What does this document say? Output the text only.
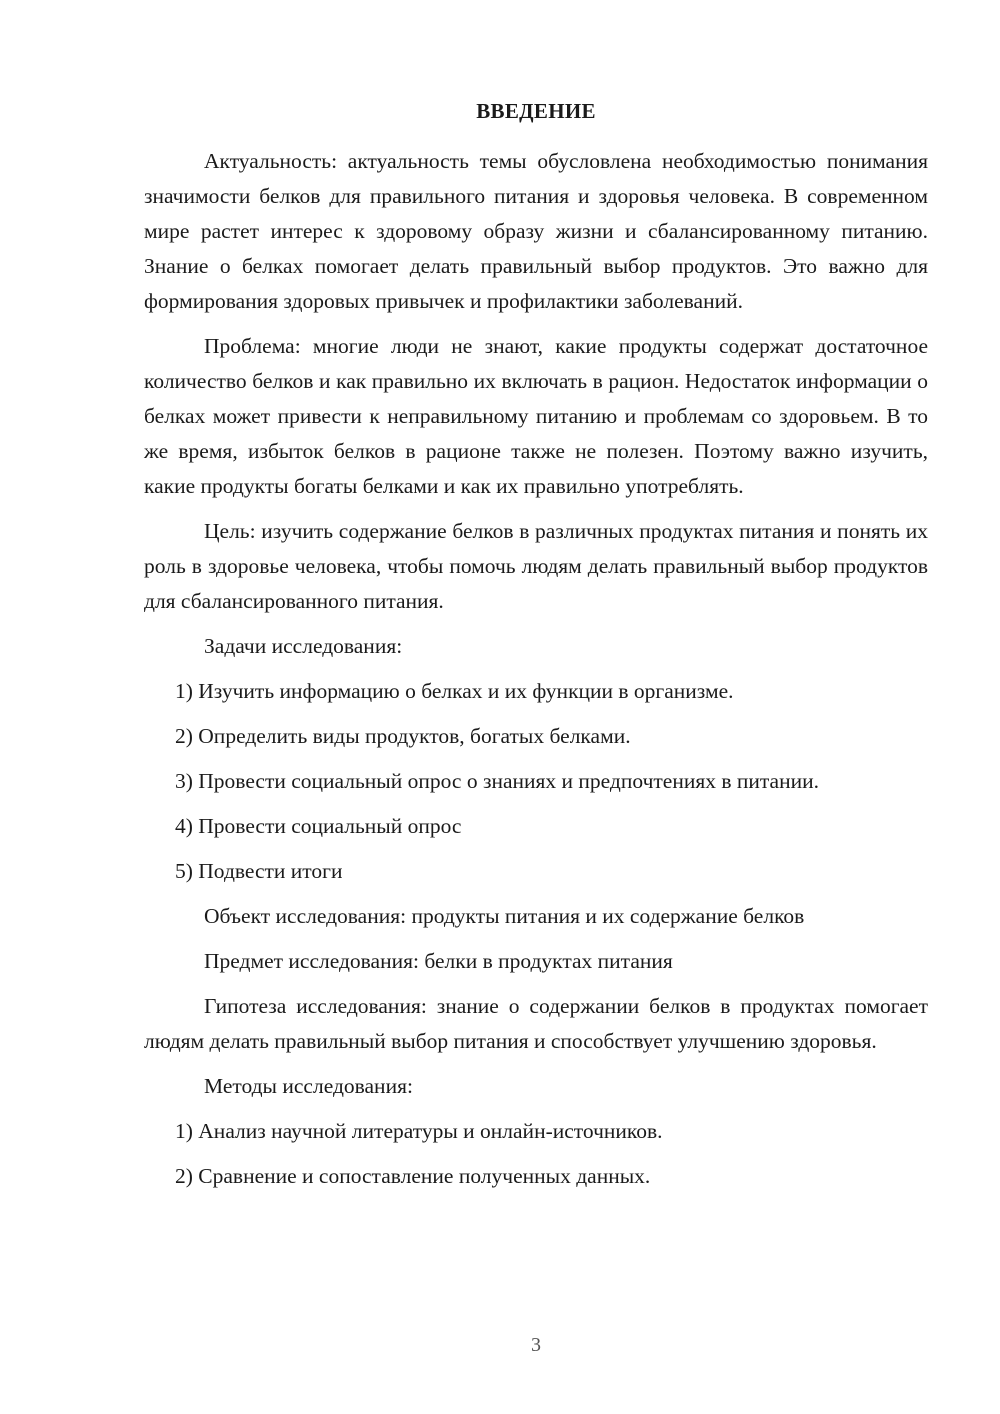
ВВЕДЕНИЕ

Актуальность: актуальность темы обусловлена необходимостью понимания значимости белков для правильного питания и здоровья человека. В современном мире растет интерес к здоровому образу жизни и сбалансированному питанию. Знание о белках помогает делать правильный выбор продуктов. Это важно для формирования здоровых привычек и профилактики заболеваний.

Проблема: многие люди не знают, какие продукты содержат достаточное количество белков и как правильно их включать в рацион. Недостаток информации о белках может привести к неправильному питанию и проблемам со здоровьем. В то же время, избыток белков в рационе также не полезен. Поэтому важно изучить, какие продукты богаты белками и как их правильно употреблять.

Цель: изучить содержание белков в различных продуктах питания и понять их роль в здоровье человека, чтобы помочь людям делать правильный выбор продуктов для сбалансированного питания.

Задачи исследования:

1) Изучить информацию о белках и их функции в организме.

2) Определить виды продуктов, богатых белками.

3) Провести социальный опрос о знаниях и предпочтениях в питании.

4) Провести социальный опрос

5) Подвести итоги

Объект исследования: продукты питания и их содержание белков

Предмет исследования: белки в продуктах питания

Гипотеза исследования: знание о содержании белков в продуктах помогает людям делать правильный выбор питания и способствует улучшению здоровья.

Методы исследования:

1) Анализ научной литературы и онлайн-источников.

2) Сравнение и сопоставление полученных данных.

3
